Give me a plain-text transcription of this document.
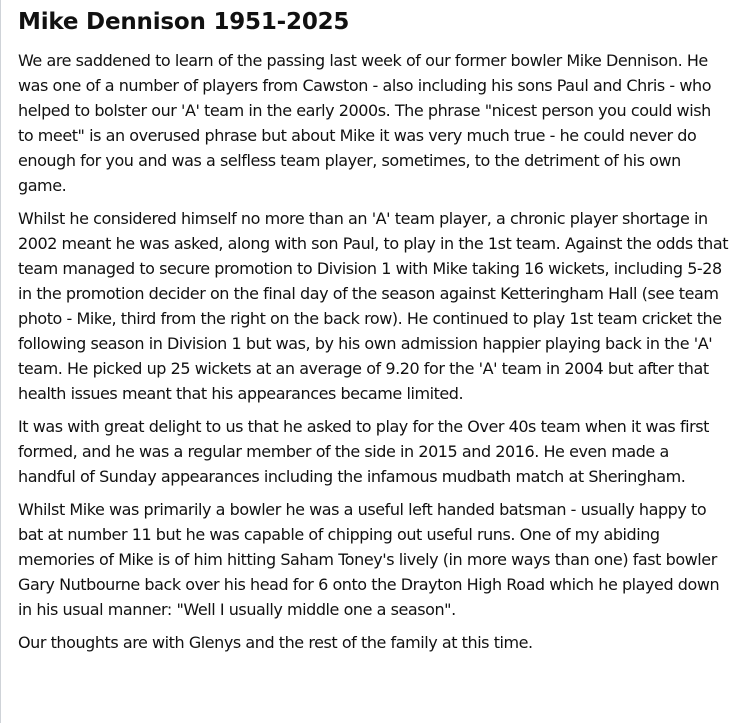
Mike Dennison 1951-2025

We are saddened to learn of the passing last week of our former bowler Mike Dennison. He was one of a number of players from Cawston - also including his sons Paul and Chris - who helped to bolster our 'A' team in the early 2000s. The phrase "nicest person you could wish to meet" is an overused phrase but about Mike it was very much true - he could never do enough for you and was a selfless team player, sometimes, to the detriment of his own game.

Whilst he considered himself no more than an 'A' team player, a chronic player shortage in 2002 meant he was asked, along with son Paul, to play in the 1st team. Against the odds that team managed to secure promotion to Division 1 with Mike taking 16 wickets, including 5-28 in the promotion decider on the final day of the season against Ketteringham Hall (see team photo - Mike, third from the right on the back row). He continued to play 1st team cricket the following season in Division 1 but was, by his own admission happier playing back in the 'A' team. He picked up 25 wickets at an average of 9.20 for the 'A' team in 2004 but after that health issues meant that his appearances became limited.

It was with great delight to us that he asked to play for the Over 40s team when it was first formed, and he was a regular member of the side in 2015 and 2016. He even made a handful of Sunday appearances including the infamous mudbath match at Sheringham.

Whilst Mike was primarily a bowler he was a useful left handed batsman - usually happy to bat at number 11 but he was capable of chipping out useful runs. One of my abiding memories of Mike is of him hitting Saham Toney's lively (in more ways than one) fast bowler Gary Nutbourne back over his head for 6 onto the Drayton High Road which he played down in his usual manner: "Well I usually middle one a season".

Our thoughts are with Glenys and the rest of the family at this time.
